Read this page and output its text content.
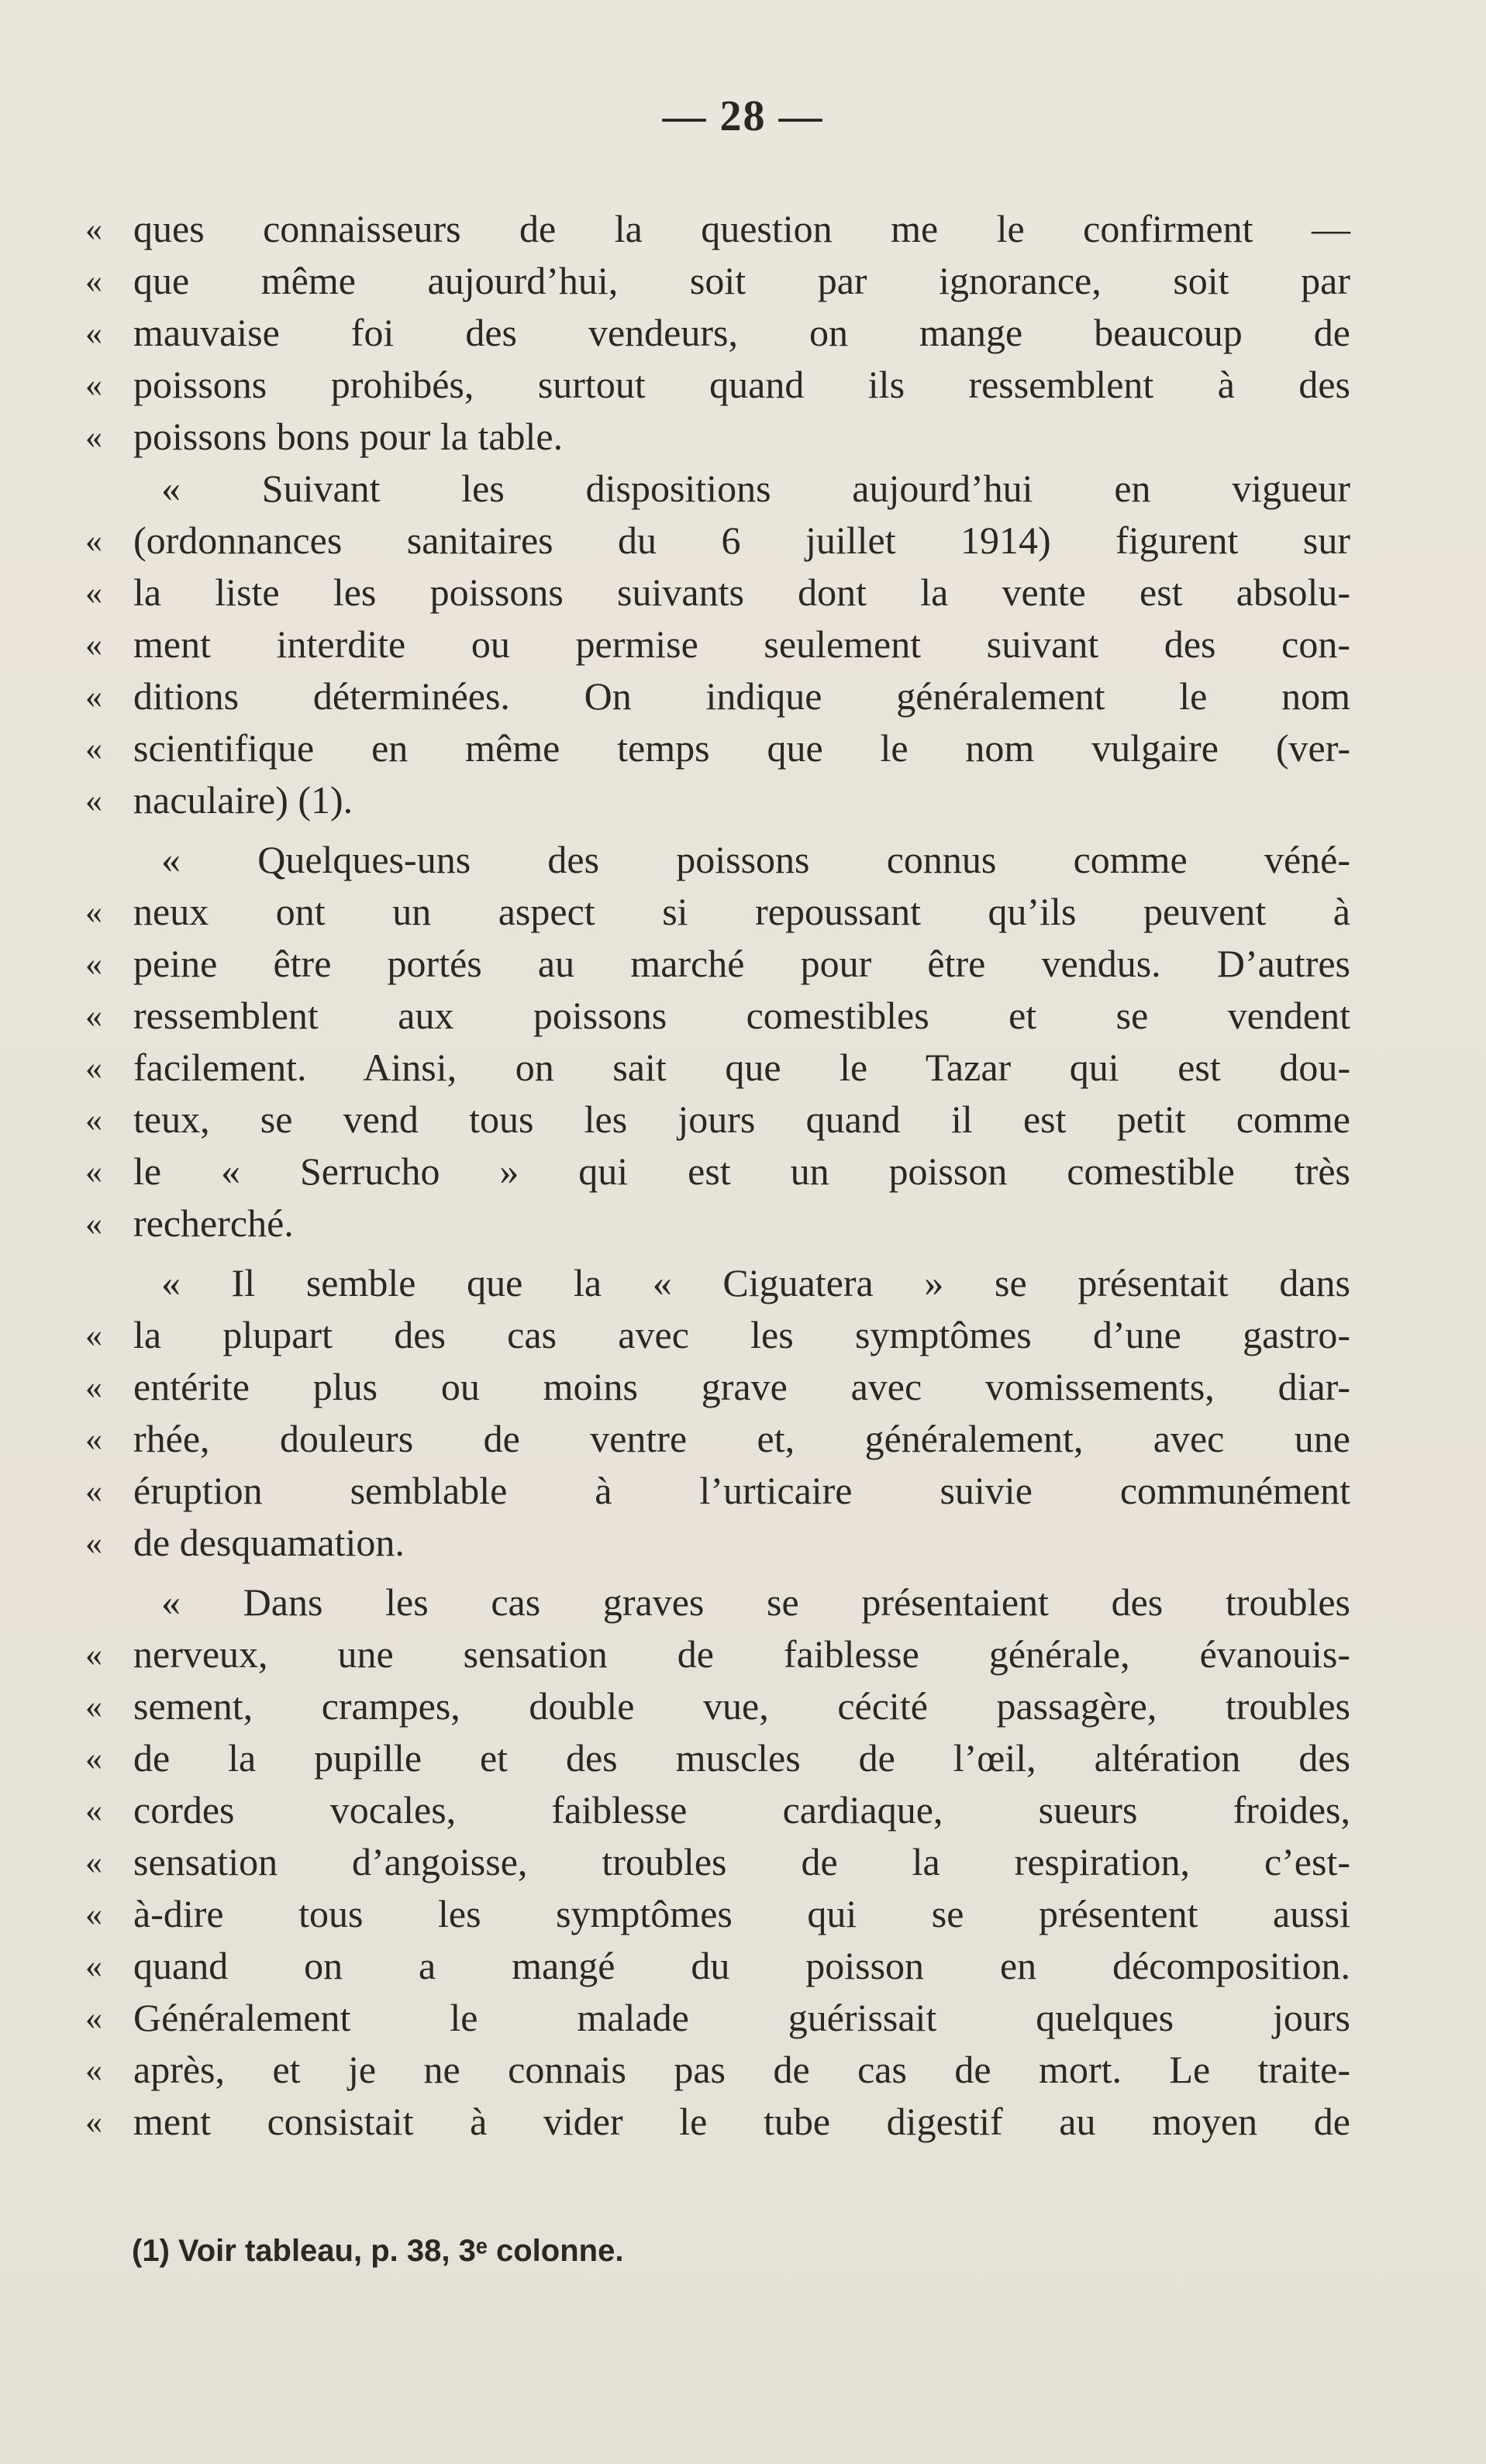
— 28 —
« ques connaisseurs de la question me le confirment —
« que même aujourd’hui, soit par ignorance, soit par
« mauvaise foi des vendeurs, on mange beaucoup de
« poissons prohibés, surtout quand ils ressemblent à des
« poissons bons pour la table.
« Suivant les dispositions aujourd’hui en vigueur
« (ordonnances sanitaires du 6 juillet 1914) figurent sur
« la liste les poissons suivants dont la vente est absolu-
« ment interdite ou permise seulement suivant des con-
« ditions déterminées. On indique généralement le nom
« scientifique en même temps que le nom vulgaire (ver-
« naculaire) (1).
« Quelques-uns des poissons connus comme véné-
« neux ont un aspect si repoussant qu’ils peuvent à
« peine être portés au marché pour être vendus. D’autres
« ressemblent aux poissons comestibles et se vendent
« facilement. Ainsi, on sait que le Tazar qui est dou-
« teux, se vend tous les jours quand il est petit comme
« le « Serrucho » qui est un poisson comestible très
« recherché.
« Il semble que la « Ciguatera » se présentait dans
« la plupart des cas avec les symptômes d’une gastro-
« entérite plus ou moins grave avec vomissements, diar-
« rhée, douleurs de ventre et, généralement, avec une
« éruption semblable à l’urticaire suivie communément
« de desquamation.
« Dans les cas graves se présentaient des troubles
« nerveux, une sensation de faiblesse générale, évanouis-
« sement, crampes, double vue, cécité passagère, troubles
« de la pupille et des muscles de l’œil, altération des
« cordes vocales, faiblesse cardiaque, sueurs froides,
« sensation d’angoisse, troubles de la respiration, c’est-
« à-dire tous les symptômes qui se présentent aussi
« quand on a mangé du poisson en décomposition.
« Généralement le malade guérissait quelques jours
« après, et je ne connais pas de cas de mort. Le traite-
« ment consistait à vider le tube digestif au moyen de
(1) Voir tableau, p. 38, 3ᵉ colonne.
